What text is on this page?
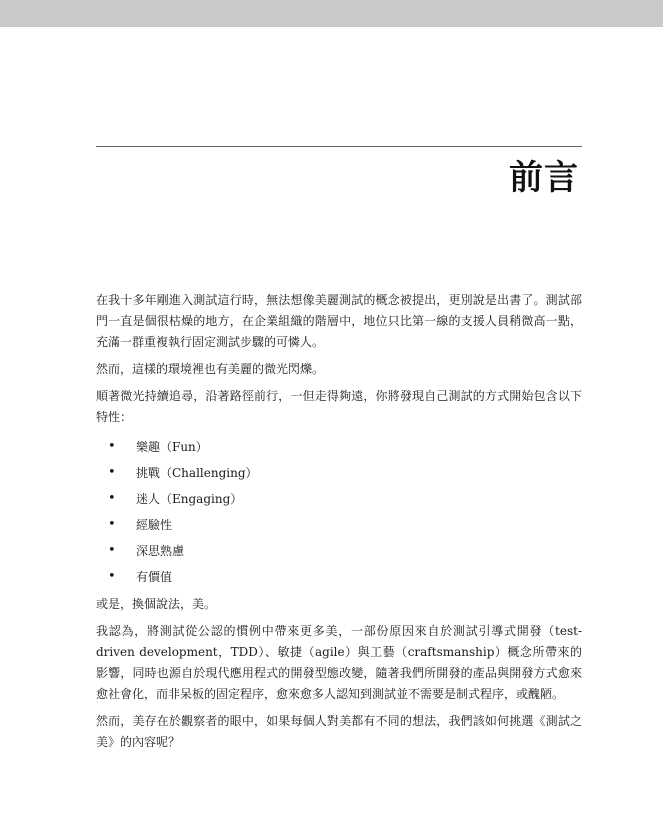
前言

在我十多年剛進入測試這行時，無法想像美麗測試的概念被提出，更別說是出書了。測試部門一直是個很枯燥的地方，在企業組織的階層中，地位只比第一線的支援人員稍微高一點，充滿一群重複執行固定測試步驟的可憐人。

然而，這樣的環境裡也有美麗的微光閃爍。

順著微光持續追尋，沿著路徑前行，一但走得夠遠，你將發現自己測試的方式開始包含以下特性：

• 樂趣（Fun）
• 挑戰（Challenging）
• 迷人（Engaging）
• 經驗性
• 深思熟慮
• 有價值

或是，換個說法，美。

我認為，將測試從公認的慣例中帶來更多美，一部份原因來自於測試引導式開發（test-driven development，TDD）、敏捷（agile）與工藝（craftsmanship）概念所帶來的影響，同時也源自於現代應用程式的開發型態改變，隨著我們所開發的產品與開發方式愈來愈社會化，而非呆板的固定程序，愈來愈多人認知到測試並不需要是制式程序，或醜陋。

然而，美存在於觀察者的眼中，如果每個人對美都有不同的想法，我們該如何挑選《測試之美》的內容呢？
